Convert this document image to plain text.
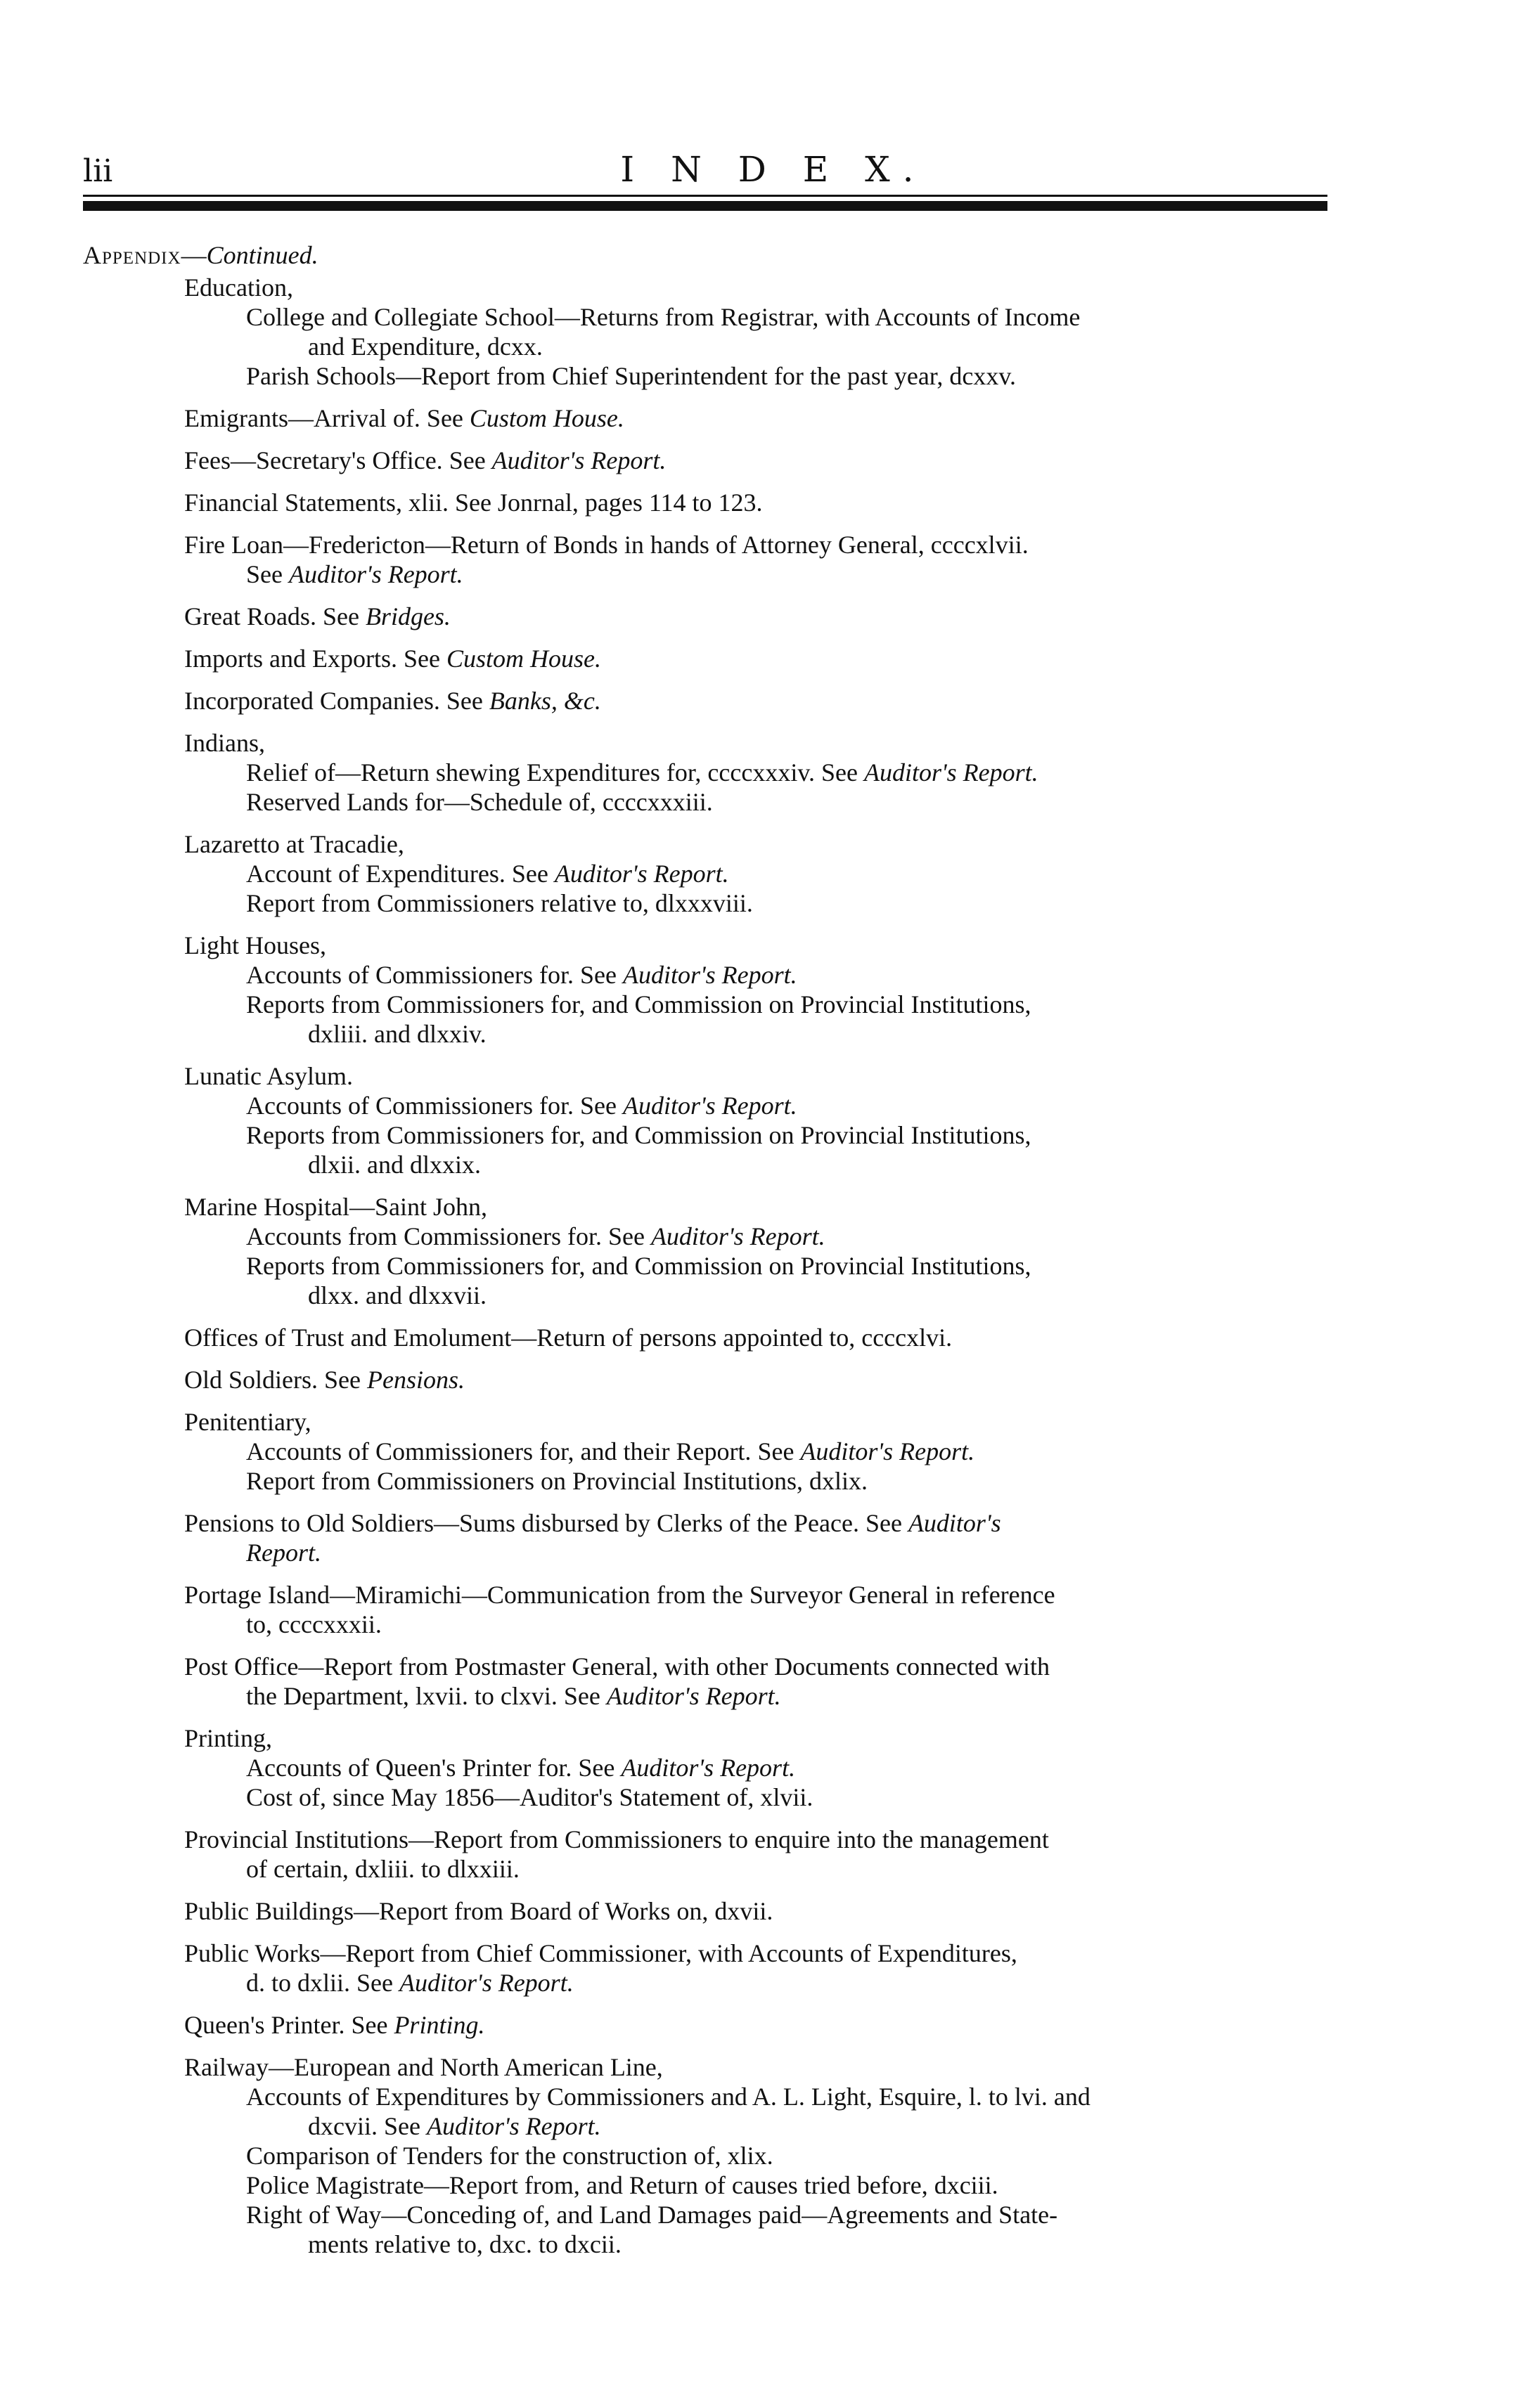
lii	I N D E X.
Appendix—Continued.
Education,
College and Collegiate School—Returns from Registrar, with Accounts of Income
and Expenditure, dcxx.
Parish Schools—Report from Chief Superintendent for the past year, dcxxv.
Emigrants—Arrival of. See Custom House.
Fees—Secretary's Office. See Auditor's Report.
Financial Statements, xlii. See Jonrnal, pages 114 to 123.
Fire Loan—Fredericton—Return of Bonds in hands of Attorney General, ccccxlvii.
See Auditor's Report.
Great Roads. See Bridges.
Imports and Exports. See Custom House.
Incorporated Companies. See Banks, &c.
Indians,
Relief of—Return shewing Expenditures for, ccccxxxiv. See Auditor's Report.
Reserved Lands for—Schedule of, ccccxxxiii.
Lazaretto at Tracadie,
Account of Expenditures. See Auditor's Report.
Report from Commissioners relative to, dlxxxviii.
Light Houses,
Accounts of Commissioners for. See Auditor's Report.
Reports from Commissioners for, and Commission on Provincial Institutions,
dxliii. and dlxxiv.
Lunatic Asylum.
Accounts of Commissioners for. See Auditor's Report.
Reports from Commissioners for, and Commission on Provincial Institutions,
dlxii. and dlxxix.
Marine Hospital—Saint John,
Accounts from Commissioners for. See Auditor's Report.
Reports from Commissioners for, and Commission on Provincial Institutions,
dlxx. and dlxxvii.
Offices of Trust and Emolument—Return of persons appointed to, ccccxlvi.
Old Soldiers. See Pensions.
Penitentiary,
Accounts of Commissioners for, and their Report. See Auditor's Report.
Report from Commissioners on Provincial Institutions, dxlix.
Pensions to Old Soldiers—Sums disbursed by Clerks of the Peace. See Auditor's
Report.
Portage Island—Miramichi—Communication from the Surveyor General in reference
to, ccccxxxii.
Post Office—Report from Postmaster General, with other Documents connected with
the Department, lxvii. to clxvi. See Auditor's Report.
Printing,
Accounts of Queen's Printer for. See Auditor's Report.
Cost of, since May 1856—Auditor's Statement of, xlvii.
Provincial Institutions—Report from Commissioners to enquire into the management
of certain, dxliii. to dlxxiii.
Public Buildings—Report from Board of Works on, dxvii.
Public Works—Report from Chief Commissioner, with Accounts of Expenditures,
d. to dxlii. See Auditor's Report.
Queen's Printer. See Printing.
Railway—European and North American Line,
Accounts of Expenditures by Commissioners and A. L. Light, Esquire, l. to lvi. and
dxcvii. See Auditor's Report.
Comparison of Tenders for the construction of, xlix.
Police Magistrate—Report from, and Return of causes tried before, dxciii.
Right of Way—Conceding of, and Land Damages paid—Agreements and State-
ments relative to, dxc. to dxcii.
